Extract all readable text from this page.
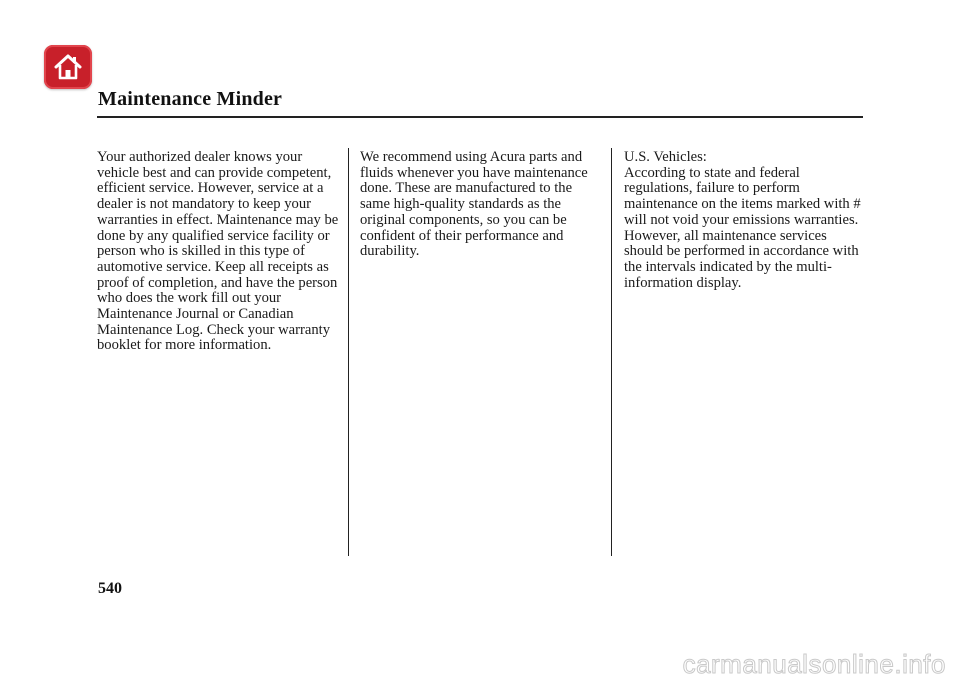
Maintenance Minder

Your authorized dealer knows your vehicle best and can provide competent, efficient service. However, service at a dealer is not mandatory to keep your warranties in effect. Maintenance may be done by any qualified service facility or person who is skilled in this type of automotive service. Keep all receipts as proof of completion, and have the person who does the work fill out your Maintenance Journal or Canadian Maintenance Log. Check your warranty booklet for more information.

We recommend using Acura parts and fluids whenever you have maintenance done. These are manufactured to the same high-quality standards as the original components, so you can be confident of their performance and durability.

U.S. Vehicles:

According to state and federal regulations, failure to perform maintenance on the items marked with # will not void your emissions warranties. However, all maintenance services should be performed in accordance with the intervals indicated by the multi-information display.

540
carmanualsonline.info
